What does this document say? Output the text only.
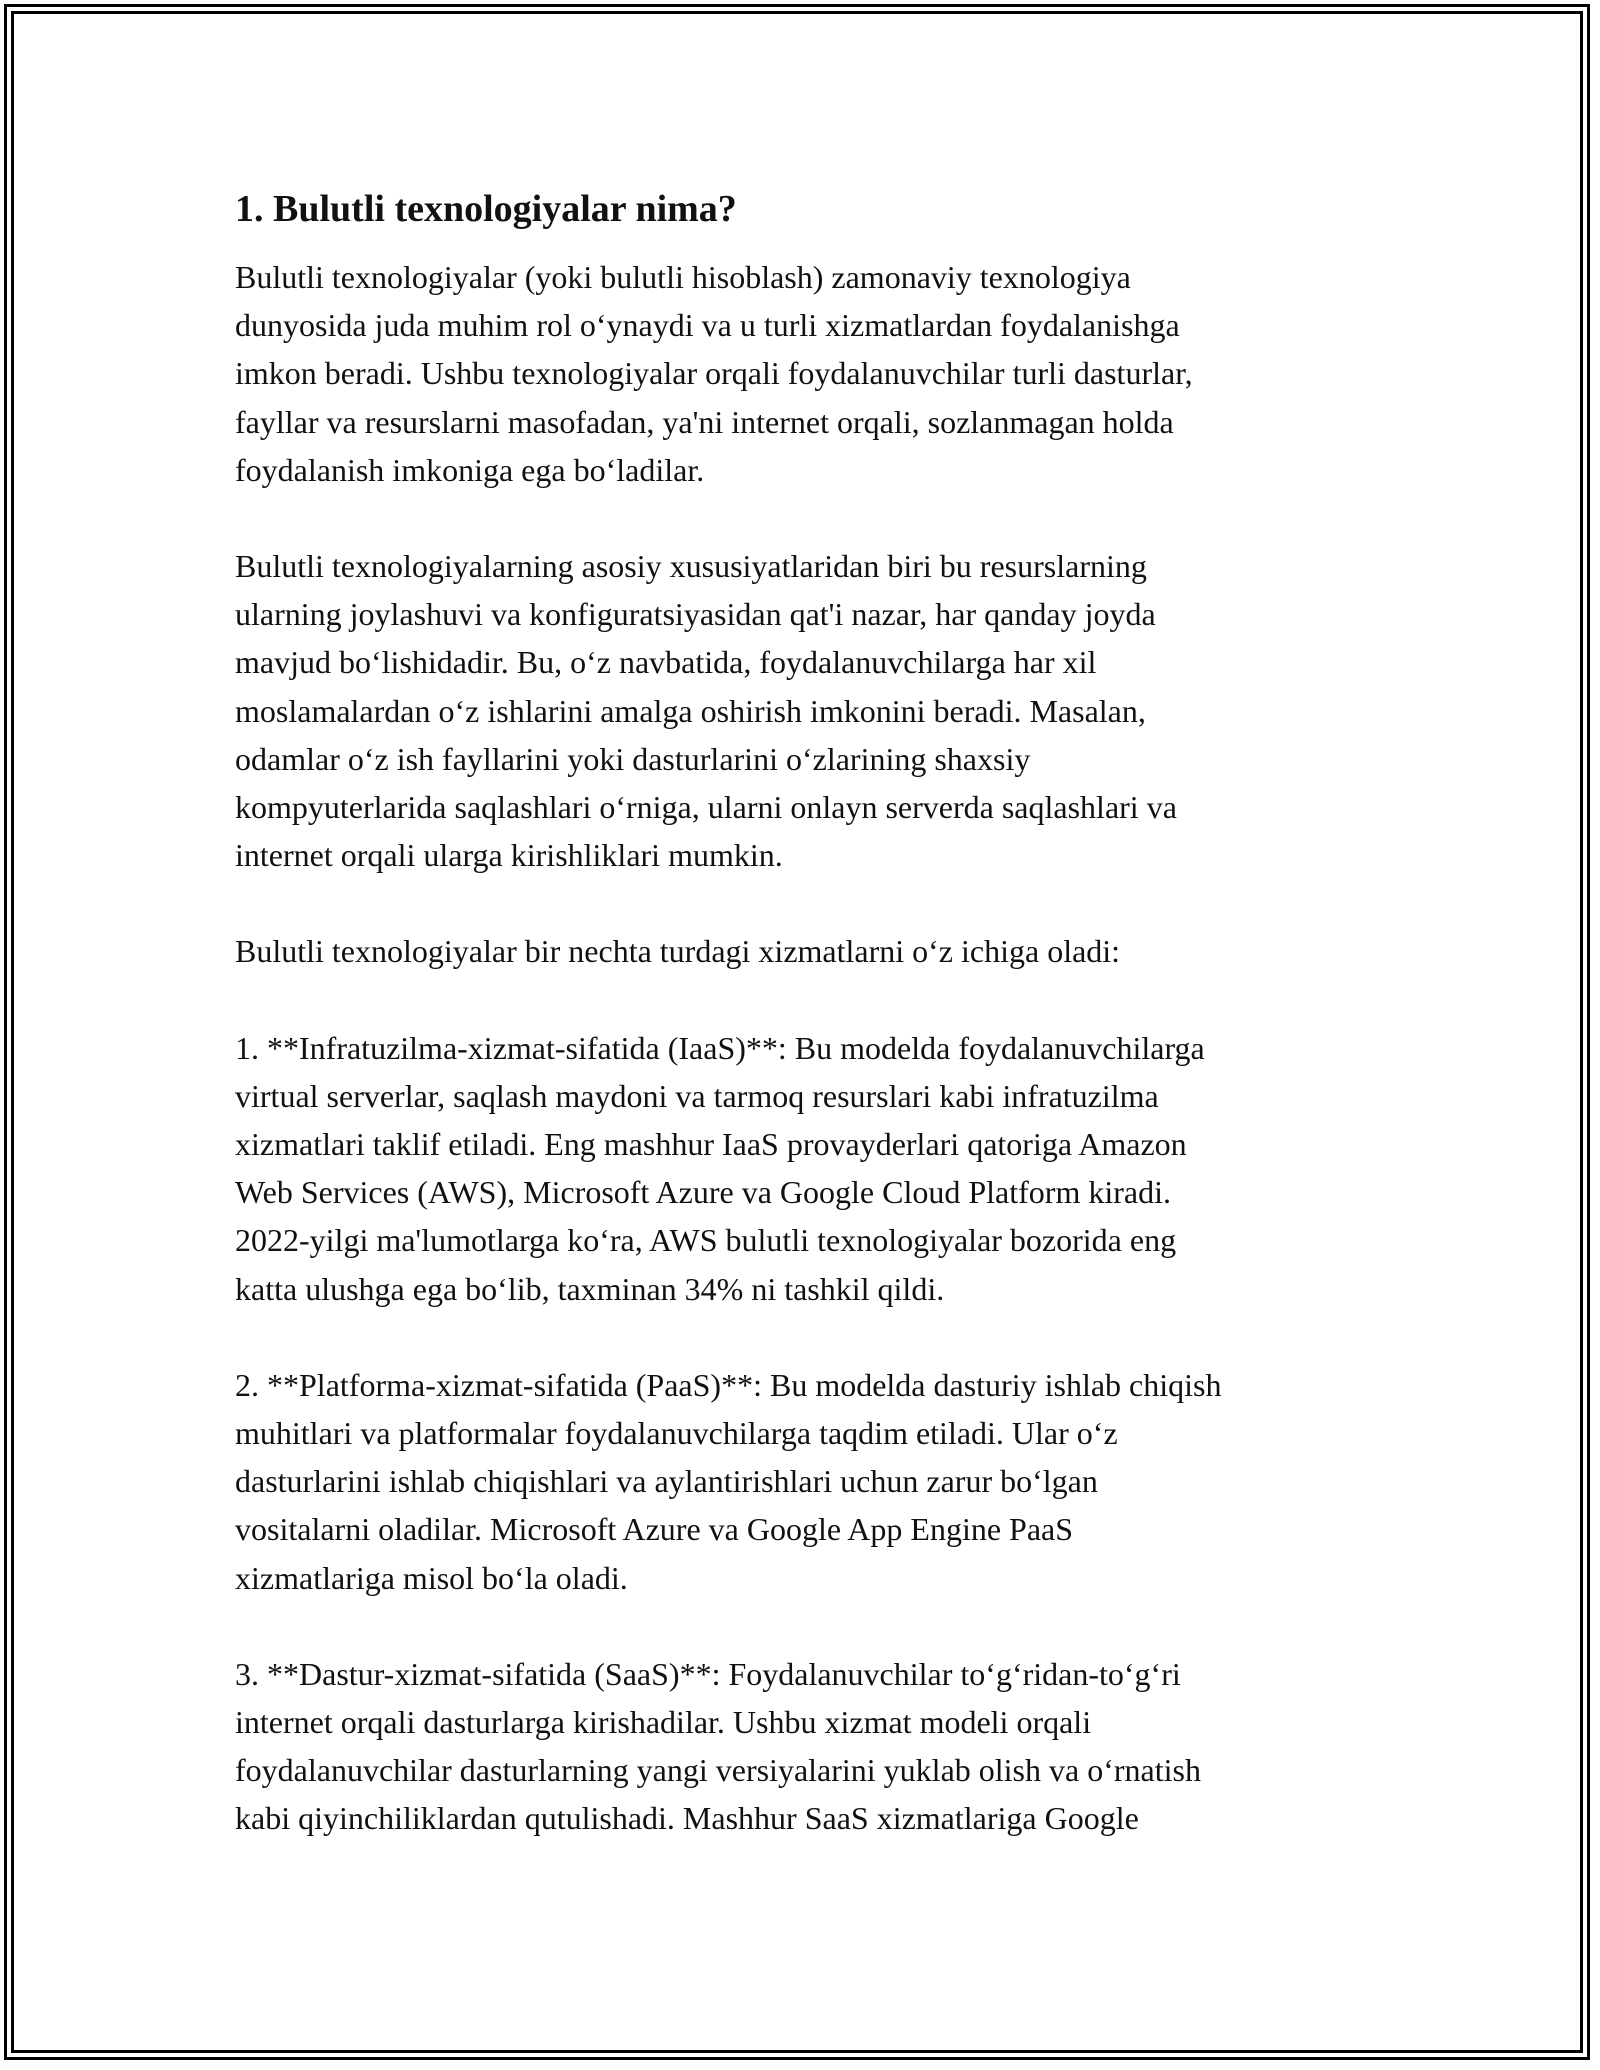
1. Bulutli texnologiyalar nima?

Bulutli texnologiyalar (yoki bulutli hisoblash) zamonaviy texnologiya
dunyosida juda muhim rol o‘ynaydi va u turli xizmatlardan foydalanishga
imkon beradi. Ushbu texnologiyalar orqali foydalanuvchilar turli dasturlar,
fayllar va resurslarni masofadan, ya'ni internet orqali, sozlanmagan holda
foydalanish imkoniga ega bo‘ladilar.

Bulutli texnologiyalarning asosiy xususiyatlaridan biri bu resurslarning
ularning joylashuvi va konfiguratsiyasidan qat'i nazar, har qanday joyda
mavjud bo‘lishidadir. Bu, o‘z navbatida, foydalanuvchilarga har xil
moslamalardan o‘z ishlarini amalga oshirish imkonini beradi. Masalan,
odamlar o‘z ish fayllarini yoki dasturlarini o‘zlarining shaxsiy
kompyuterlarida saqlashlari o‘rniga, ularni onlayn serverda saqlashlari va
internet orqali ularga kirishliklari mumkin.

Bulutli texnologiyalar bir nechta turdagi xizmatlarni o‘z ichiga oladi:

1. **Infratuzilma-xizmat-sifatida (IaaS)**: Bu modelda foydalanuvchilarga
virtual serverlar, saqlash maydoni va tarmoq resurslari kabi infratuzilma
xizmatlari taklif etiladi. Eng mashhur IaaS provayderlari qatoriga Amazon
Web Services (AWS), Microsoft Azure va Google Cloud Platform kiradi.
2022-yilgi ma'lumotlarga ko‘ra, AWS bulutli texnologiyalar bozorida eng
katta ulushga ega bo‘lib, taxminan 34% ni tashkil qildi.

2. **Platforma-xizmat-sifatida (PaaS)**: Bu modelda dasturiy ishlab chiqish
muhitlari va platformalar foydalanuvchilarga taqdim etiladi. Ular o‘z
dasturlarini ishlab chiqishlari va aylantirishlari uchun zarur bo‘lgan
vositalarni oladilar. Microsoft Azure va Google App Engine PaaS
xizmatlariga misol bo‘la oladi.

3. **Dastur-xizmat-sifatida (SaaS)**: Foydalanuvchilar to‘g‘ridan-to‘g‘ri
internet orqali dasturlarga kirishadilar. Ushbu xizmat modeli orqali
foydalanuvchilar dasturlarning yangi versiyalarini yuklab olish va o‘rnatish
kabi qiyinchiliklardan qutulishadi. Mashhur SaaS xizmatlariga Google
